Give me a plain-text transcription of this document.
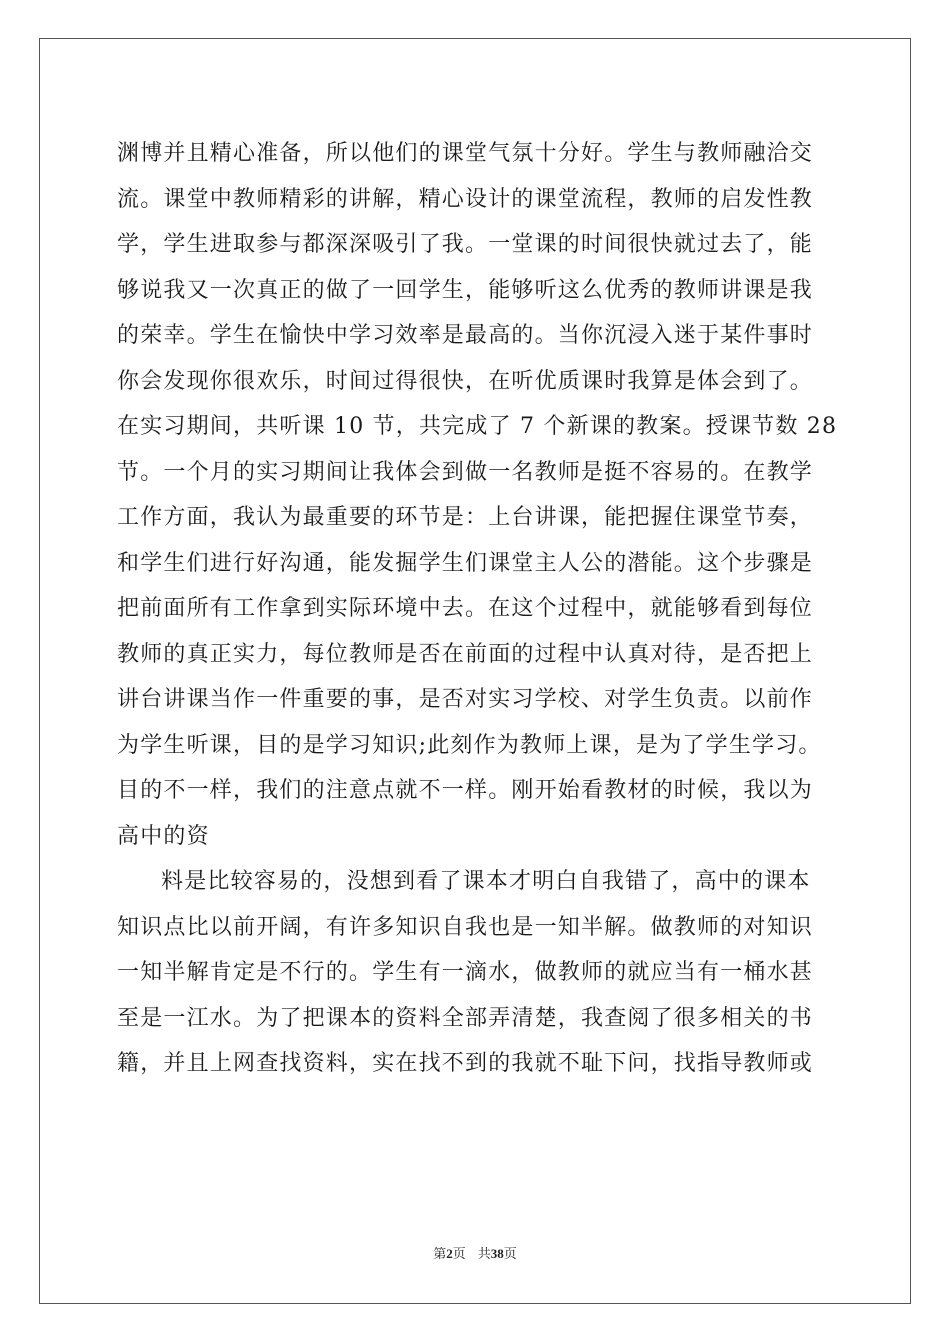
渊博并且精心准备，所以他们的课堂气氛十分好。学生与教师融洽交
流。课堂中教师精彩的讲解，精心设计的课堂流程，教师的启发性教
学，学生进取参与都深深吸引了我。一堂课的时间很快就过去了，能
够说我又一次真正的做了一回学生，能够听这么优秀的教师讲课是我
的荣幸。学生在愉快中学习效率是最高的。当你沉浸入迷于某件事时
你会发现你很欢乐，时间过得很快，在听优质课时我算是体会到了。
在实习期间，共听课 10 节，共完成了 7 个新课的教案。授课节数 28
节。一个月的实习期间让我体会到做一名教师是挺不容易的。在教学
工作方面，我认为最重要的环节是：上台讲课，能把握住课堂节奏，
和学生们进行好沟通，能发掘学生们课堂主人公的潜能。这个步骤是
把前面所有工作拿到实际环境中去。在这个过程中，就能够看到每位
教师的真正实力，每位教师是否在前面的过程中认真对待，是否把上
讲台讲课当作一件重要的事，是否对实习学校、对学生负责。以前作
为学生听课，目的是学习知识;此刻作为教师上课，是为了学生学习。
目的不一样，我们的注意点就不一样。刚开始看教材的时候，我以为
高中的资
料是比较容易的，没想到看了课本才明白自我错了，高中的课本
知识点比以前开阔，有许多知识自我也是一知半解。做教师的对知识
一知半解肯定是不行的。学生有一滴水，做教师的就应当有一桶水甚
至是一江水。为了把课本的资料全部弄清楚，我查阅了很多相关的书
籍，并且上网查找资料，实在找不到的我就不耻下问，找指导教师或
第2页 共38页
